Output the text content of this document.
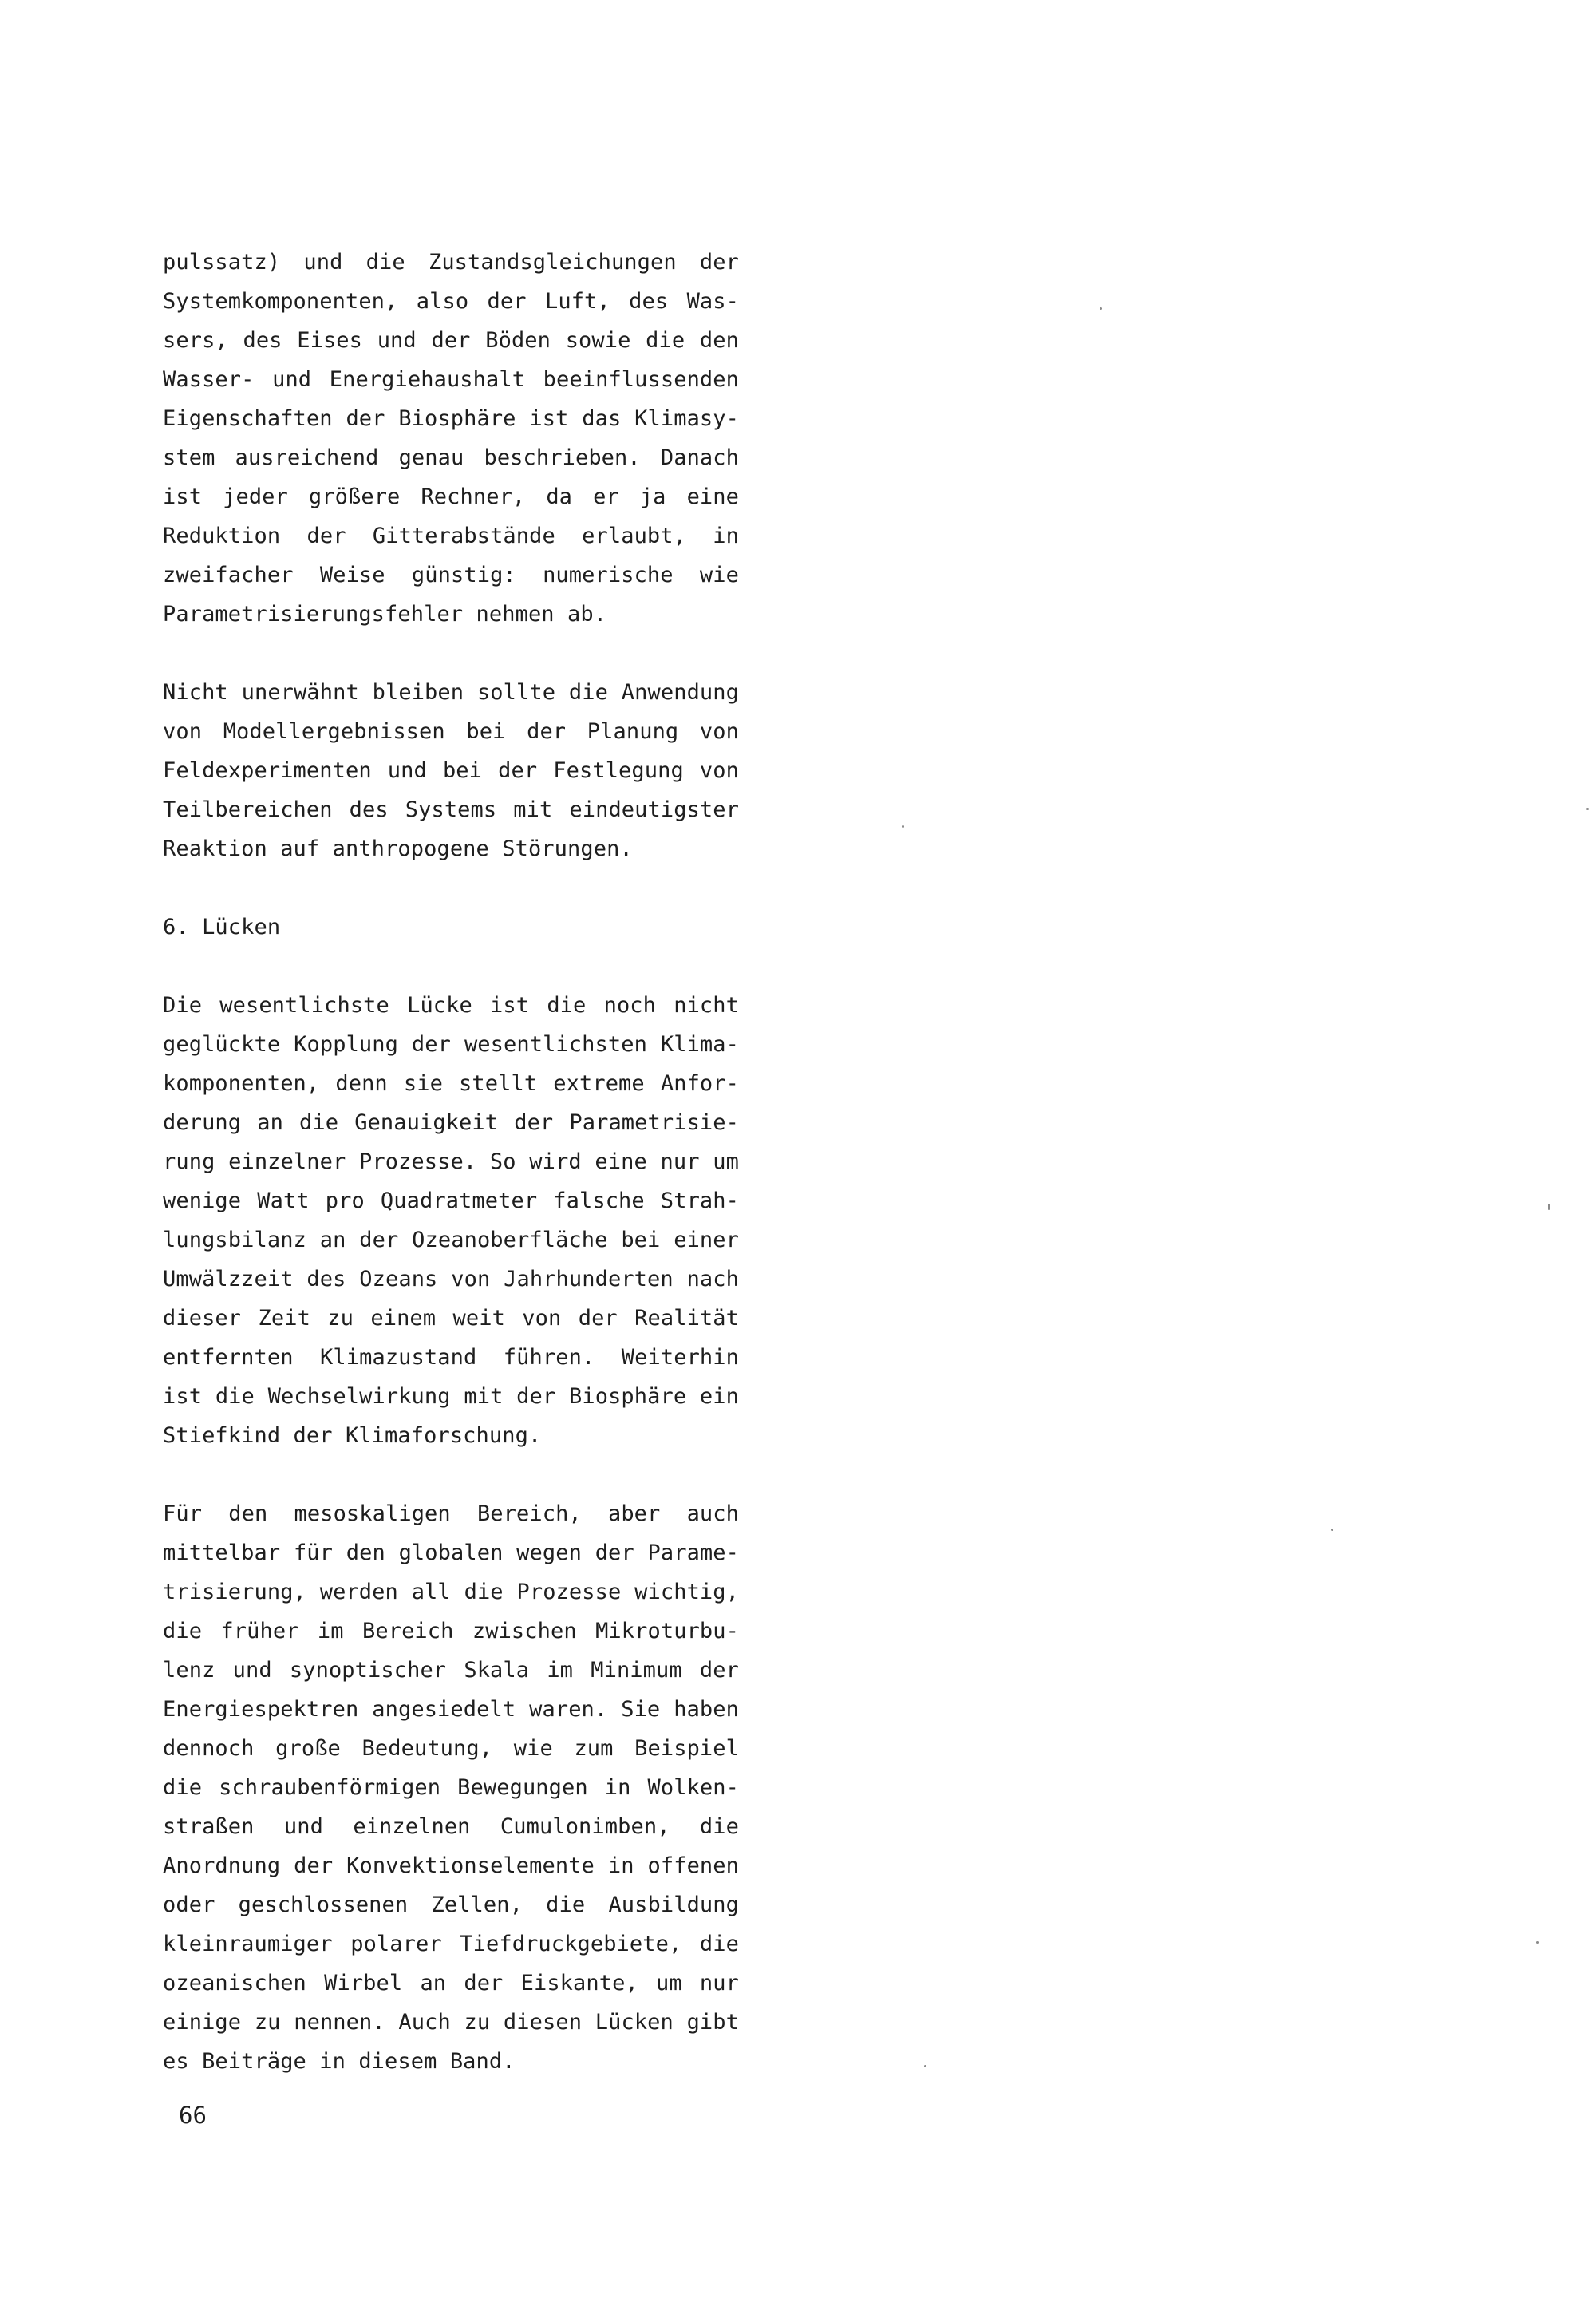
pulssatz) und die Zustandsgleichungen der
Systemkomponenten, also der Luft, des Was-
sers, des Eises und der Böden sowie die den
Wasser- und Energiehaushalt beeinflussenden
Eigenschaften der Biosphäre ist das Klimasy-
stem ausreichend genau beschrieben. Danach
ist jeder größere Rechner, da er ja eine
Reduktion der Gitterabstände erlaubt, in
zweifacher Weise günstig: numerische wie
Parametrisierungsfehler nehmen ab.
Nicht unerwähnt bleiben sollte die Anwendung
von Modellergebnissen bei der Planung von
Feldexperimenten und bei der Festlegung von
Teilbereichen des Systems mit eindeutigster
Reaktion auf anthropogene Störungen.
6. Lücken
Die wesentlichste Lücke ist die noch nicht
geglückte Kopplung der wesentlichsten Klima-
komponenten, denn sie stellt extreme Anfor-
derung an die Genauigkeit der Parametrisie-
rung einzelner Prozesse. So wird eine nur um
wenige Watt pro Quadratmeter falsche Strah-
lungsbilanz an der Ozeanoberfläche bei einer
Umwälzzeit des Ozeans von Jahrhunderten nach
dieser Zeit zu einem weit von der Realität
entfernten Klimazustand führen. Weiterhin
ist die Wechselwirkung mit der Biosphäre ein
Stiefkind der Klimaforschung.
Für den mesoskaligen Bereich, aber auch
mittelbar für den globalen wegen der Parame-
trisierung, werden all die Prozesse wichtig,
die früher im Bereich zwischen Mikroturbu-
lenz und synoptischer Skala im Minimum der
Energiespektren angesiedelt waren. Sie haben
dennoch große Bedeutung, wie zum Beispiel
die schraubenförmigen Bewegungen in Wolken-
straßen und einzelnen Cumulonimben, die
Anordnung der Konvektionselemente in offenen
oder geschlossenen Zellen, die Ausbildung
kleinraumiger polarer Tiefdruckgebiete, die
ozeanischen Wirbel an der Eiskante, um nur
einige zu nennen. Auch zu diesen Lücken gibt
es Beiträge in diesem Band.
66
